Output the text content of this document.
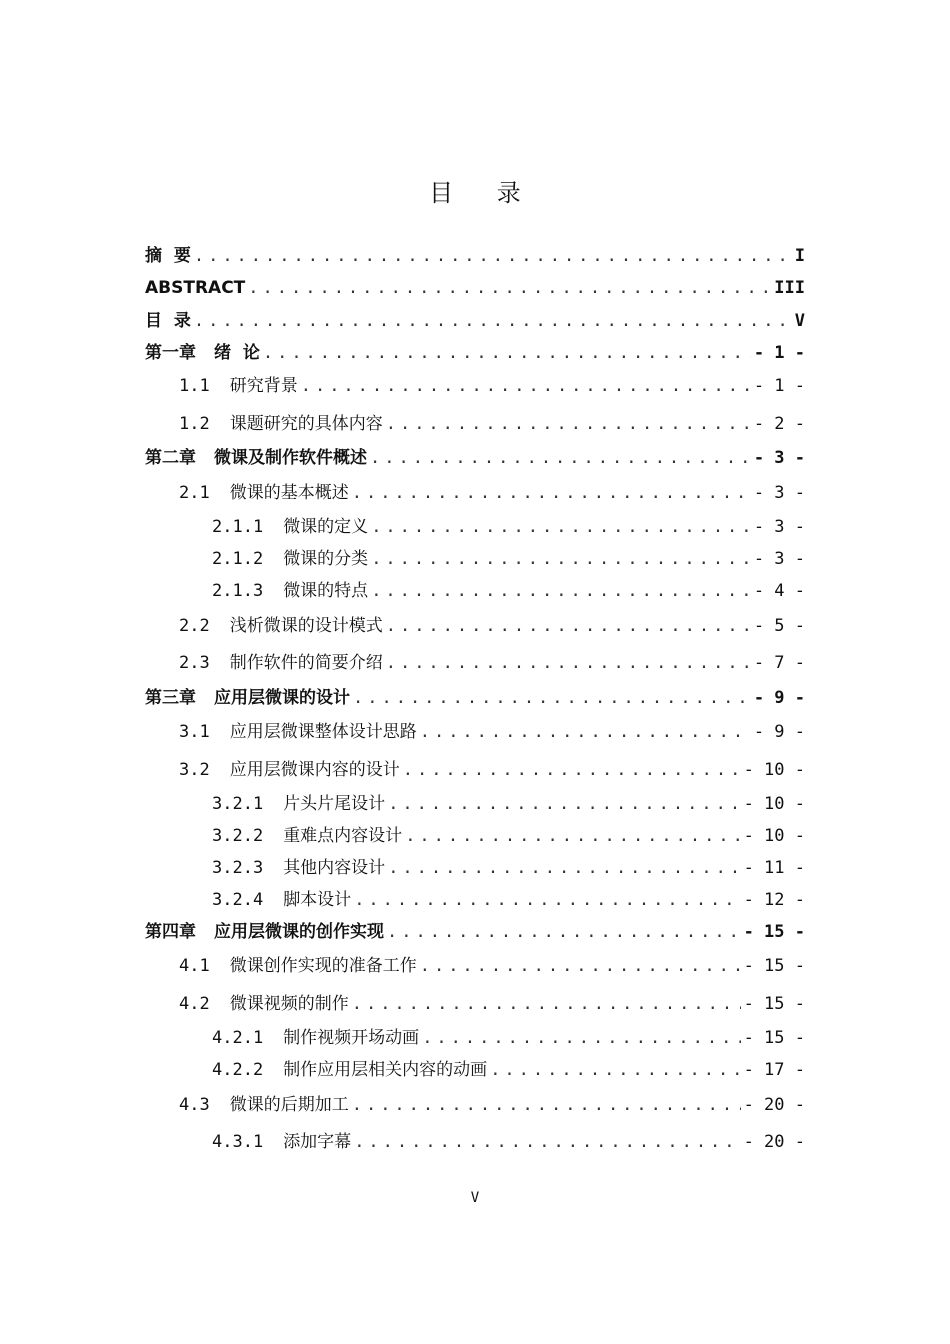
目 录
摘  要 .....	I
ABSTRACT .....	III
目  录 .....	V
第一章 绪  论 .....	- 1 -
1.1 研究背景 .....	- 1 -
1.2 课题研究的具体内容 .....	- 2 -
第二章 微课及制作软件概述 .....	- 3 -
2.1 微课的基本概述 .....	- 3 -
2.1.1 微课的定义 .....	- 3 -
2.1.2 微课的分类 .....	- 3 -
2.1.3 微课的特点 .....	- 4 -
2.2 浅析微课的设计模式 .....	- 5 -
2.3 制作软件的简要介绍 .....	- 7 -
第三章 应用层微课的设计 .....	- 9 -
3.1 应用层微课整体设计思路 .....	- 9 -
3.2 应用层微课内容的设计 .....	- 10 -
3.2.1 片头片尾设计 .....	- 10 -
3.2.2 重难点内容设计 .....	- 10 -
3.2.3 其他内容设计 .....	- 11 -
3.2.4 脚本设计 .....	- 12 -
第四章 应用层微课的创作实现 .....	- 15 -
4.1 微课创作实现的准备工作 .....	- 15 -
4.2 微课视频的制作 .....	- 15 -
4.2.1 制作视频开场动画 .....	- 15 -
4.2.2 制作应用层相关内容的动画 .....	- 17 -
4.3 微课的后期加工 .....	- 20 -
4.3.1 添加字幕 .....	- 20 -
V
